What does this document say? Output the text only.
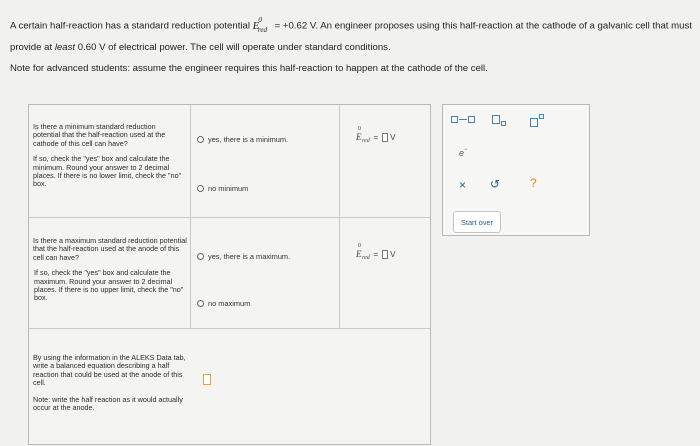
A certain half-reaction has a standard reduction potential $E^0_{red} = +0.62$ V. An engineer proposes using this half-reaction at the cathode of a galvanic cell that must provide at least 0.60 V of electrical power. The cell will operate under standard conditions.

Note for advanced students: assume the engineer requires this half-reaction to happen at the cathode of the cell.

Is there a minimum standard reduction potential that the half-reaction used at the cathode of this cell can have?

If so, check the "yes" box and calculate the minimum. Round your answer to 2 decimal places. If there is no lower limit, check the "no" box.

yes, there is a minimum.
no minimum
E
0
red = V

Is there a maximum standard reduction potential that the half-reaction used at the anode of this cell can have?

If so, check the "yes" box and calculate the maximum. Round your answer to 2 decimal places. If there is no upper limit, check the "no" box.

yes, there is a maximum.
no maximum
E
0
red = V

By using the information in the ALEKS Data tab, write a balanced equation describing a half reaction that could be used at the anode of this cell.

Note: write the half reaction as it would actually occur at the anode.

e −
× ↺ ?
Start over
